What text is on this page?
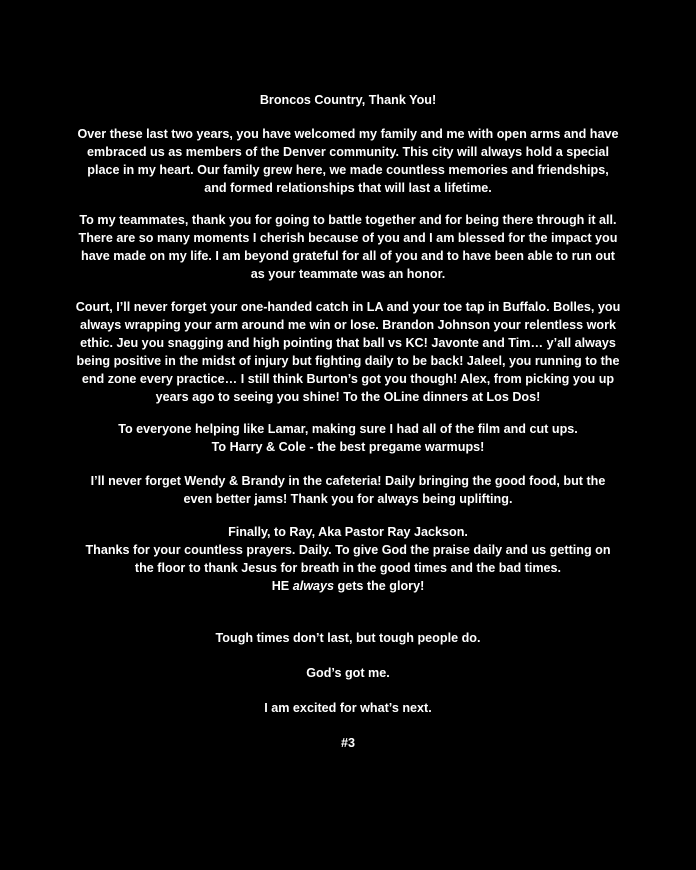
Broncos Country, Thank You!
Over these last two years, you have welcomed my family and me with open arms and have
embraced us as members of the Denver community. This city will always hold a special
place in my heart. Our family grew here, we made countless memories and friendships,
and formed relationships that will last a lifetime.
To my teammates, thank you for going to battle together and for being there through it all.
There are so many moments I cherish because of you and I am blessed for the impact you
have made on my life. I am beyond grateful for all of you and to have been able to run out
as your teammate was an honor.
Court, I’ll never forget your one-handed catch in LA and your toe tap in Buffalo. Bolles, you
always wrapping your arm around me win or lose. Brandon Johnson your relentless work
ethic. Jeu you snagging and high pointing that ball vs KC! Javonte and Tim… y’all always
being positive in the midst of injury but fighting daily to be back! Jaleel, you running to the
end zone every practice… I still think Burton’s got you though! Alex, from picking you up
years ago to seeing you shine! To the OLine dinners at Los Dos!
To everyone helping like Lamar, making sure I had all of the film and cut ups.
To Harry & Cole - the best pregame warmups!
I’ll never forget Wendy & Brandy in the cafeteria! Daily bringing the good food, but the
even better jams! Thank you for always being uplifting.
Finally, to Ray, Aka Pastor Ray Jackson.
Thanks for your countless prayers. Daily. To give God the praise daily and us getting on
the floor to thank Jesus for breath in the good times and the bad times.
HE always gets the glory!
Tough times don’t last, but tough people do.
God’s got me.
I am excited for what’s next.
#3
